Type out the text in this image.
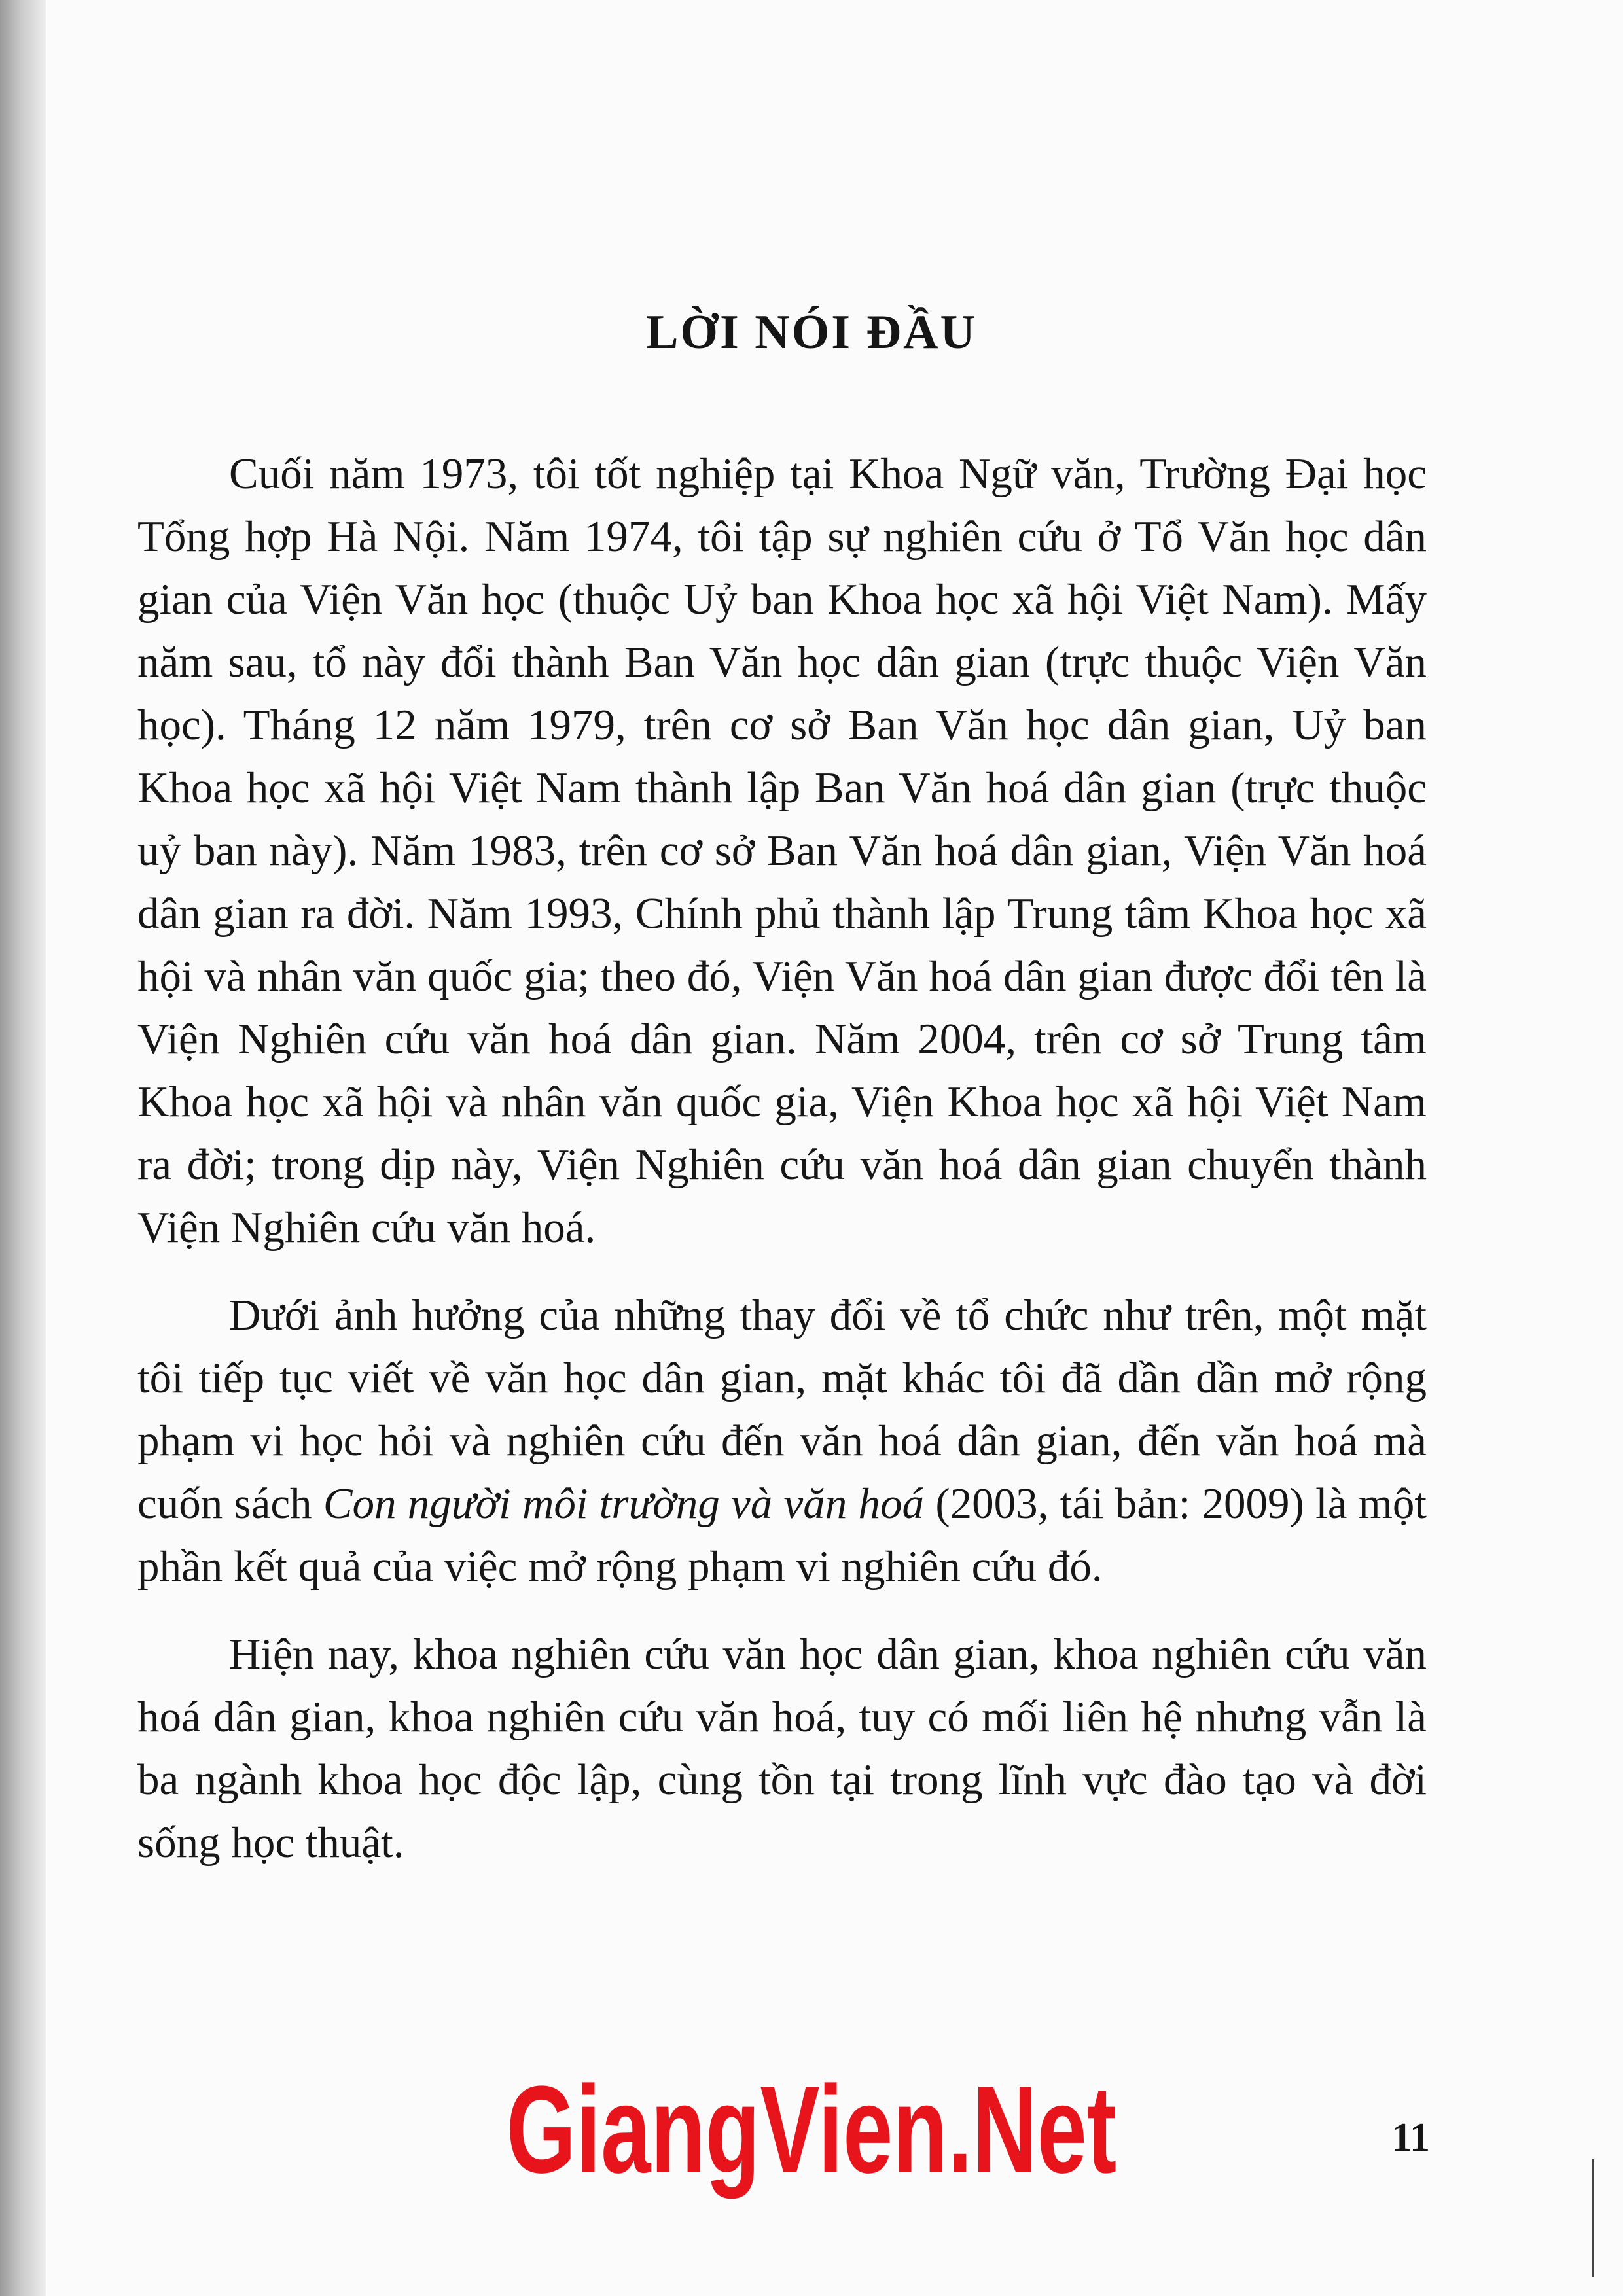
LỜI NÓI ĐẦU

Cuối năm 1973, tôi tốt nghiệp tại Khoa Ngữ văn, Trường Đại học Tổng hợp Hà Nội. Năm 1974, tôi tập sự nghiên cứu ở Tổ Văn học dân gian của Viện Văn học (thuộc Uỷ ban Khoa học xã hội Việt Nam). Mấy năm sau, tổ này đổi thành Ban Văn học dân gian (trực thuộc Viện Văn học). Tháng 12 năm 1979, trên cơ sở Ban Văn học dân gian, Uỷ ban Khoa học xã hội Việt Nam thành lập Ban Văn hoá dân gian (trực thuộc uỷ ban này). Năm 1983, trên cơ sở Ban Văn hoá dân gian, Viện Văn hoá dân gian ra đời. Năm 1993, Chính phủ thành lập Trung tâm Khoa học xã hội và nhân văn quốc gia; theo đó, Viện Văn hoá dân gian được đổi tên là Viện Nghiên cứu văn hoá dân gian. Năm 2004, trên cơ sở Trung tâm Khoa học xã hội và nhân văn quốc gia, Viện Khoa học xã hội Việt Nam ra đời; trong dịp này, Viện Nghiên cứu văn hoá dân gian chuyển thành Viện Nghiên cứu văn hoá.

Dưới ảnh hưởng của những thay đổi về tổ chức như trên, một mặt tôi tiếp tục viết về văn học dân gian, mặt khác tôi đã dần dần mở rộng phạm vi học hỏi và nghiên cứu đến văn hoá dân gian, đến văn hoá mà cuốn sách Con người môi trường và văn hoá (2003, tái bản: 2009) là một phần kết quả của việc mở rộng phạm vi nghiên cứu đó.

Hiện nay, khoa nghiên cứu văn học dân gian, khoa nghiên cứu văn hoá dân gian, khoa nghiên cứu văn hoá, tuy có mối liên hệ nhưng vẫn là ba ngành khoa học độc lập, cùng tồn tại trong lĩnh vực đào tạo và đời sống học thuật.

GiangVien.Net	11
